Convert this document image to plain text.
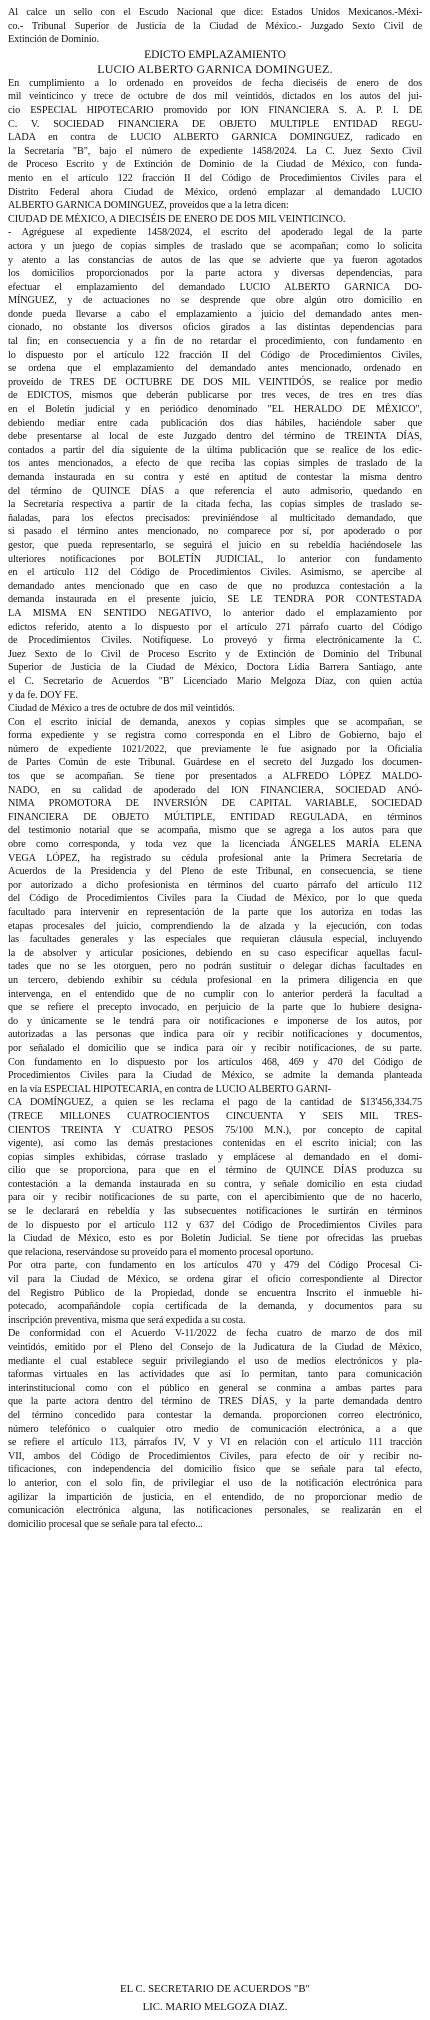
Al calce un sello con el Escudo Nacional que dice: Estados Unidos Mexicanos.-Méxi-
co.- Tribunal Superior de Justicia de la Ciudad de México.- Juzgado Sexto Civil de
Extinción de Dominio.
EDICTO EMPLAZAMIENTO
LUCIO ALBERTO GARNICA DOMINGUEZ.
En cumplimiento a lo ordenado en proveídos de fecha dieciséis de enero de dos
mil veinticinco y trece de octubre de dos mil veintidós, dictados en los autos del jui-
cio ESPECIAL HIPOTECARIO promovido por ION FINANCIERA S. A. P. I. DE
C. V. SOCIEDAD FINANCIERA DE OBJETO MULTIPLE ENTIDAD REGU-
LADA en contra de LUCIO ALBERTO GARNICA DOMINGUEZ, radicado en
la Secretaría "B", bajo el número de expediente 1458/2024. La C. Juez Sexto Civil
de Proceso Escrito y de Extinción de Dominio de la Ciudad de México, con funda-
mento en el artículo 122 fracción II del Código de Procedimientos Civiles para el
Distrito Federal ahora Ciudad de México, ordenó emplazar al demandado LUCIO
ALBERTO GARNICA DOMINGUEZ, proveídos que a la letra dicen:
CIUDAD DE MÉXICO, A DIECISÉIS DE ENERO DE DOS MIL VEINTICINCO.
- Agréguese al expediente 1458/2024, el escrito del apoderado legal de la parte
actora y un juego de copias simples de traslado que se acompañan; como lo solicita
y atento a las constancias de autos de las que se advierte que ya fueron agotados
los domicilios proporcionados por la parte actora y diversas dependencias, para
efectuar el emplazamiento del demandado LUCIO ALBERTO GARNICA DO-
MÍNGUEZ, y de actuaciones no se desprende que obre algún otro domicilio en
donde pueda llevarse a cabo el emplazamiento a juicio del demandado antes men-
cionado, no obstante los diversos oficios girados a las distintas dependencias para
tal fin; en consecuencia y a fin de no retardar el procedimiento, con fundamento en
lo dispuesto por el artículo 122 fracción II del Código de Procedimientos Civiles,
se ordena que el emplazamiento del demandado antes mencionado, ordenado en
proveído de TRES DE OCTUBRE DE DOS MIL VEINTIDÓS, se realice por medio
de EDICTOS, mismos que deberán publicarse por tres veces, de tres en tres días
en el Boletín judicial y en periódico denominado "EL HERALDO DE MÉXICO",
debiendo mediar entre cada publicación dos días hábiles, haciéndole saber que
debe presentarse al local de este Juzgado dentro del término de TREINTA DÍAS,
contados a partir del día siguiente de la última publicación que se realice de los edic-
tos antes mencionados, a efecto de que reciba las copias simples de traslado de la
demanda instaurada en su contra y esté en aptitud de contestar la misma dentro
del término de QUINCE DÍAS a que referencia el auto admisorio, quedando en
la Secretaría respectiva a partir de la citada fecha, las copias simples de traslado se-
ñaladas, para los efectos precisados: previniéndose al multicitado demandado, que
si pasado el término antes mencionado, no comparece por sí, por apoderado o por
gestor, que pueda representarlo, se seguirá el juicio en su rebeldía haciéndosele las
ulteriores notificaciones por BOLETÍN JUDICIAL, lo anterior con fundamento
en el artículo 112 del Código de Procedimientos Civiles. Asimismo, se apercibe al
demandado antes mencionado que en caso de que no produzca contestación a la
demanda instaurada en el presente juicio, SE LE TENDRA POR CONTESTADA
LA MISMA EN SENTIDO NEGATIVO, lo anterior dado el emplazamiento por
edictos referido, atento a lo dispuesto por el artículo 271 párrafo cuarto del Código
de Procedimientos Civiles. Notifíquese. Lo proveyó y firma electrónicamente la C.
Juez Sexto de lo Civil de Proceso Escrito y de Extinción de Dominio del Tribunal
Superior de Justicia de la Ciudad de México, Doctora Lidia Barrera Santiago, ante
el C. Secretario de Acuerdos "B" Licenciado Mario Melgoza Díaz, con quien actúa
y da fe. DOY FE.
Ciudad de México a tres de octubre de dos mil veintidós.
Con el escrito inicial de demanda, anexos y copias simples que se acompañan, se
forma expediente y se registra como corresponda en el Libro de Gobierno, bajo el
número de expediente 1021/2022, que previamente le fue asignado por la Oficialía
de Partes Común de este Tribunal. Guárdese en el secreto del Juzgado los documen-
tos que se acompañan. Se tiene por presentados a ALFREDO LÓPEZ MALDO-
NADO, en su calidad de apoderado del ION FINANCIERA, SOCIEDAD ANÓ-
NIMA PROMOTORA DE INVERSIÓN DE CAPITAL VARIABLE, SOCIEDAD
FINANCIERA DE OBJETO MÚLTIPLE, ENTIDAD REGULADA, en términos
del testimonio notarial que se acompaña, mismo que se agrega a los autos para que
obre como corresponda, y toda vez que la licenciada ÁNGELES MARÍA ELENA
VEGA LÓPEZ, ha registrado su cédula profesional ante la Primera Secretaría de
Acuerdos de la Presidencia y del Pleno de este Tribunal, en consecuencia, se tiene
por autorizado a dicho profesionista en términos del cuarto párrafo del artículo 112
del Código de Procedimientos Civiles para la Ciudad de México, por lo que queda
facultado para intervenir en representación de la parte que los autoriza en todas las
etapas procesales del juicio, comprendiendo la de alzada y la ejecución, con todas
las facultades generales y las especiales que requieran cláusula especial, incluyendo
la de absolver y articular posiciones, debiendo en su caso especificar aquellas facul-
tades que no se les otorguen, pero no podrán sustituir o delegar dichas facultades en
un tercero, debiendo exhibir su cédula profesional en la primera diligencia en que
intervenga, en el entendido que de no cumplir con lo anterior perderá la facultad a
que se refiere el precepto invocado, en perjuicio de la parte que lo hubiere designa-
do y únicamente se le tendrá para oír notificaciones e imponerse de los autos, por
autorizadas a las personas que indica para oír y recibir notificaciones y documentos,
por señalado el domicilio que se indica para oír y recibir notificaciones, de su parte.
Con fundamento en lo dispuesto por los artículos 468, 469 y 470 del Código de
Procedimientos Civiles para la Ciudad de México, se admite la demanda planteada
en la vía ESPECIAL HIPOTECARIA, en contra de LUCIO ALBERTO GARNI-
CA DOMÍNGUEZ, a quien se les reclama el pago de la cantidad de $13'456,334.75
(TRECE MILLONES CUATROCIENTOS CINCUENTA Y SEIS MIL TRES-
CIENTOS TREINTA Y CUATRO PESOS 75/100 M.N.), por concepto de capital
vigente), así como las demás prestaciones contenidas en el escrito inicial; con las
copias simples exhibidas, córrase traslado y emplácese al demandado en el domi-
cilio que se proporciona, para que en el término de QUINCE DÍAS produzca su
contestación a la demanda instaurada en su contra, y señale domicilio en esta ciudad
para oír y recibir notificaciones de su parte, con el apercibimiento que de no hacerlo,
se le declarará en rebeldía y las subsecuentes notificaciones le surtirán en términos
de lo dispuesto por el artículo 112 y 637 del Código de Procedimientos Civiles para
la Ciudad de México, esto es por Boletín Judicial. Se tiene por ofrecidas las pruebas
que relaciona, reservándose su proveído para el momento procesal oportuno.
Por otra parte, con fundamento en los artículos 470 y 479 del Código Procesal Ci-
vil para la Ciudad de México, se ordena girar el oficio correspondiente al Director
del Registro Público de la Propiedad, donde se encuentra Inscrito el inmueble hi-
potecado, acompañándole copia certificada de la demanda, y documentos para su
inscripción preventiva, misma que será expedida a su costa.
De conformidad con el Acuerdo V-11/2022 de fecha cuatro de marzo de dos mil
veintidós, emitido por el Pleno del Consejo de la Judicatura de la Ciudad de México,
mediante el cual establece seguir privilegiando el uso de medios electrónicos y pla-
taformas virtuales en las actividades que así lo permitan, tanto para comunicación
interinstitucional como con el público en general se conmina a ambas partes para
que la parte actora dentro del término de TRES DÍAS, y la parte demandada dentro
del término concedido para contestar la demanda. proporcionen correo electrónico,
número telefónico o cualquier otro medio de comunicación electrónica, a a que
se refiere el artículo 113, párrafos IV, V y VI en relación con el artículo 111 tracción
VII, ambos del Código de Procedimientos Civiles, para efecto de oír y recibir no-
tificaciones, con independencia del domicilio físico que se señale para tal efecto,
lo anterior, con el solo fin, de privilegiar el uso de la notificación electrónica para
agilizar la impartición de justicia, en el entendido, de no proporcionar medio de
comunicación electrónica alguna, las notificaciones personales, se realizarán en el
domicilio procesal que se señale para tal efecto...
EL C. SECRETARIO DE ACUERDOS "B"
LIC. MARIO MELGOZA DIAZ.
